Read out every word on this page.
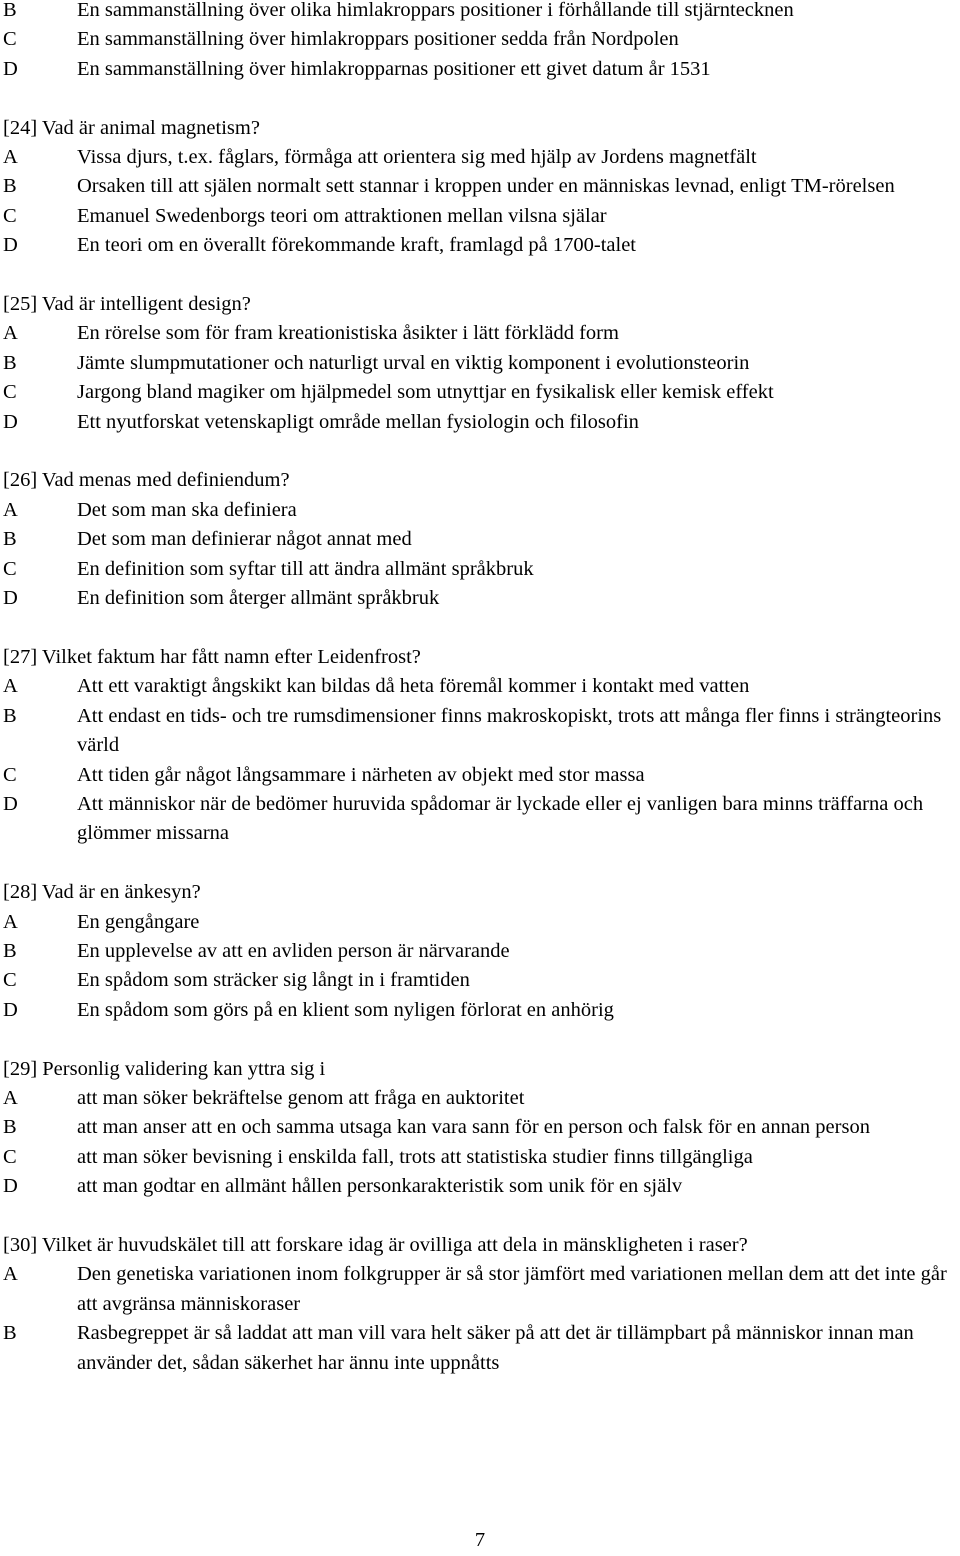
B	En sammanställning över olika himlakroppars positioner i förhållande till stjärntecknen
C	En sammanställning över himlakroppars positioner sedda från Nordpolen
D	En sammanställning över himlakropparnas positioner ett givet datum år 1531
[24] Vad är animal magnetism?
A	Vissa djurs, t.ex. fåglars, förmåga att orientera sig med hjälp av Jordens magnetfält
B	Orsaken till att själen normalt sett stannar i kroppen under en människas levnad, enligt TM-rörelsen
C	Emanuel Swedenborgs teori om attraktionen mellan vilsna själar
D	En teori om en överallt förekommande kraft, framlagd på 1700-talet
[25] Vad är intelligent design?
A	En rörelse som för fram kreationistiska åsikter i lätt förklädd form
B	Jämte slumpmutationer och naturligt urval en viktig komponent i evolutionsteorin
C	Jargong bland magiker om hjälpmedel som utnyttjar en fysikalisk eller kemisk effekt
D	Ett nyutforskat vetenskapligt område mellan fysiologin och filosofin
[26] Vad menas med definiendum?
A	Det som man ska definiera
B	Det som man definierar något annat med
C	En definition som syftar till att ändra allmänt språkbruk
D	En definition som återger allmänt språkbruk
[27] Vilket faktum har fått namn efter Leidenfrost?
A	Att ett varaktigt ångskikt kan bildas då heta föremål kommer i kontakt med vatten
B	Att endast en tids- och tre rumsdimensioner finns makroskopiskt, trots att många fler finns i strängteorins värld
C	Att tiden går något långsammare i närheten av objekt med stor massa
D	Att människor när de bedömer huruvida spådomar är lyckade eller ej vanligen bara minns träffarna och glömmer missarna
[28] Vad är en änkesyn?
A	En gengångare
B	En upplevelse av att en avliden person är närvarande
C	En spådom som sträcker sig långt in i framtiden
D	En spådom som görs på en klient som nyligen förlorat en anhörig
[29] Personlig validering kan yttra sig i
A	att man söker bekräftelse genom att fråga en auktoritet
B	att man anser att en och samma utsaga kan vara sann för en person och falsk för en annan person
C	att man söker bevisning i enskilda fall, trots att statistiska studier finns tillgängliga
D	att man godtar en allmänt hållen personkarakteristik som unik för en själv
[30] Vilket är huvudskälet till att forskare idag är ovilliga att dela in mänskligheten i raser?
A	Den genetiska variationen inom folkgrupper är så stor jämfört med variationen mellan dem att det inte går att avgränsa människoraser
B	Rasbegreppet är så laddat att man vill vara helt säker på att det är tillämpbart på människor innan man använder det, sådan säkerhet har ännu inte uppnåtts
7
